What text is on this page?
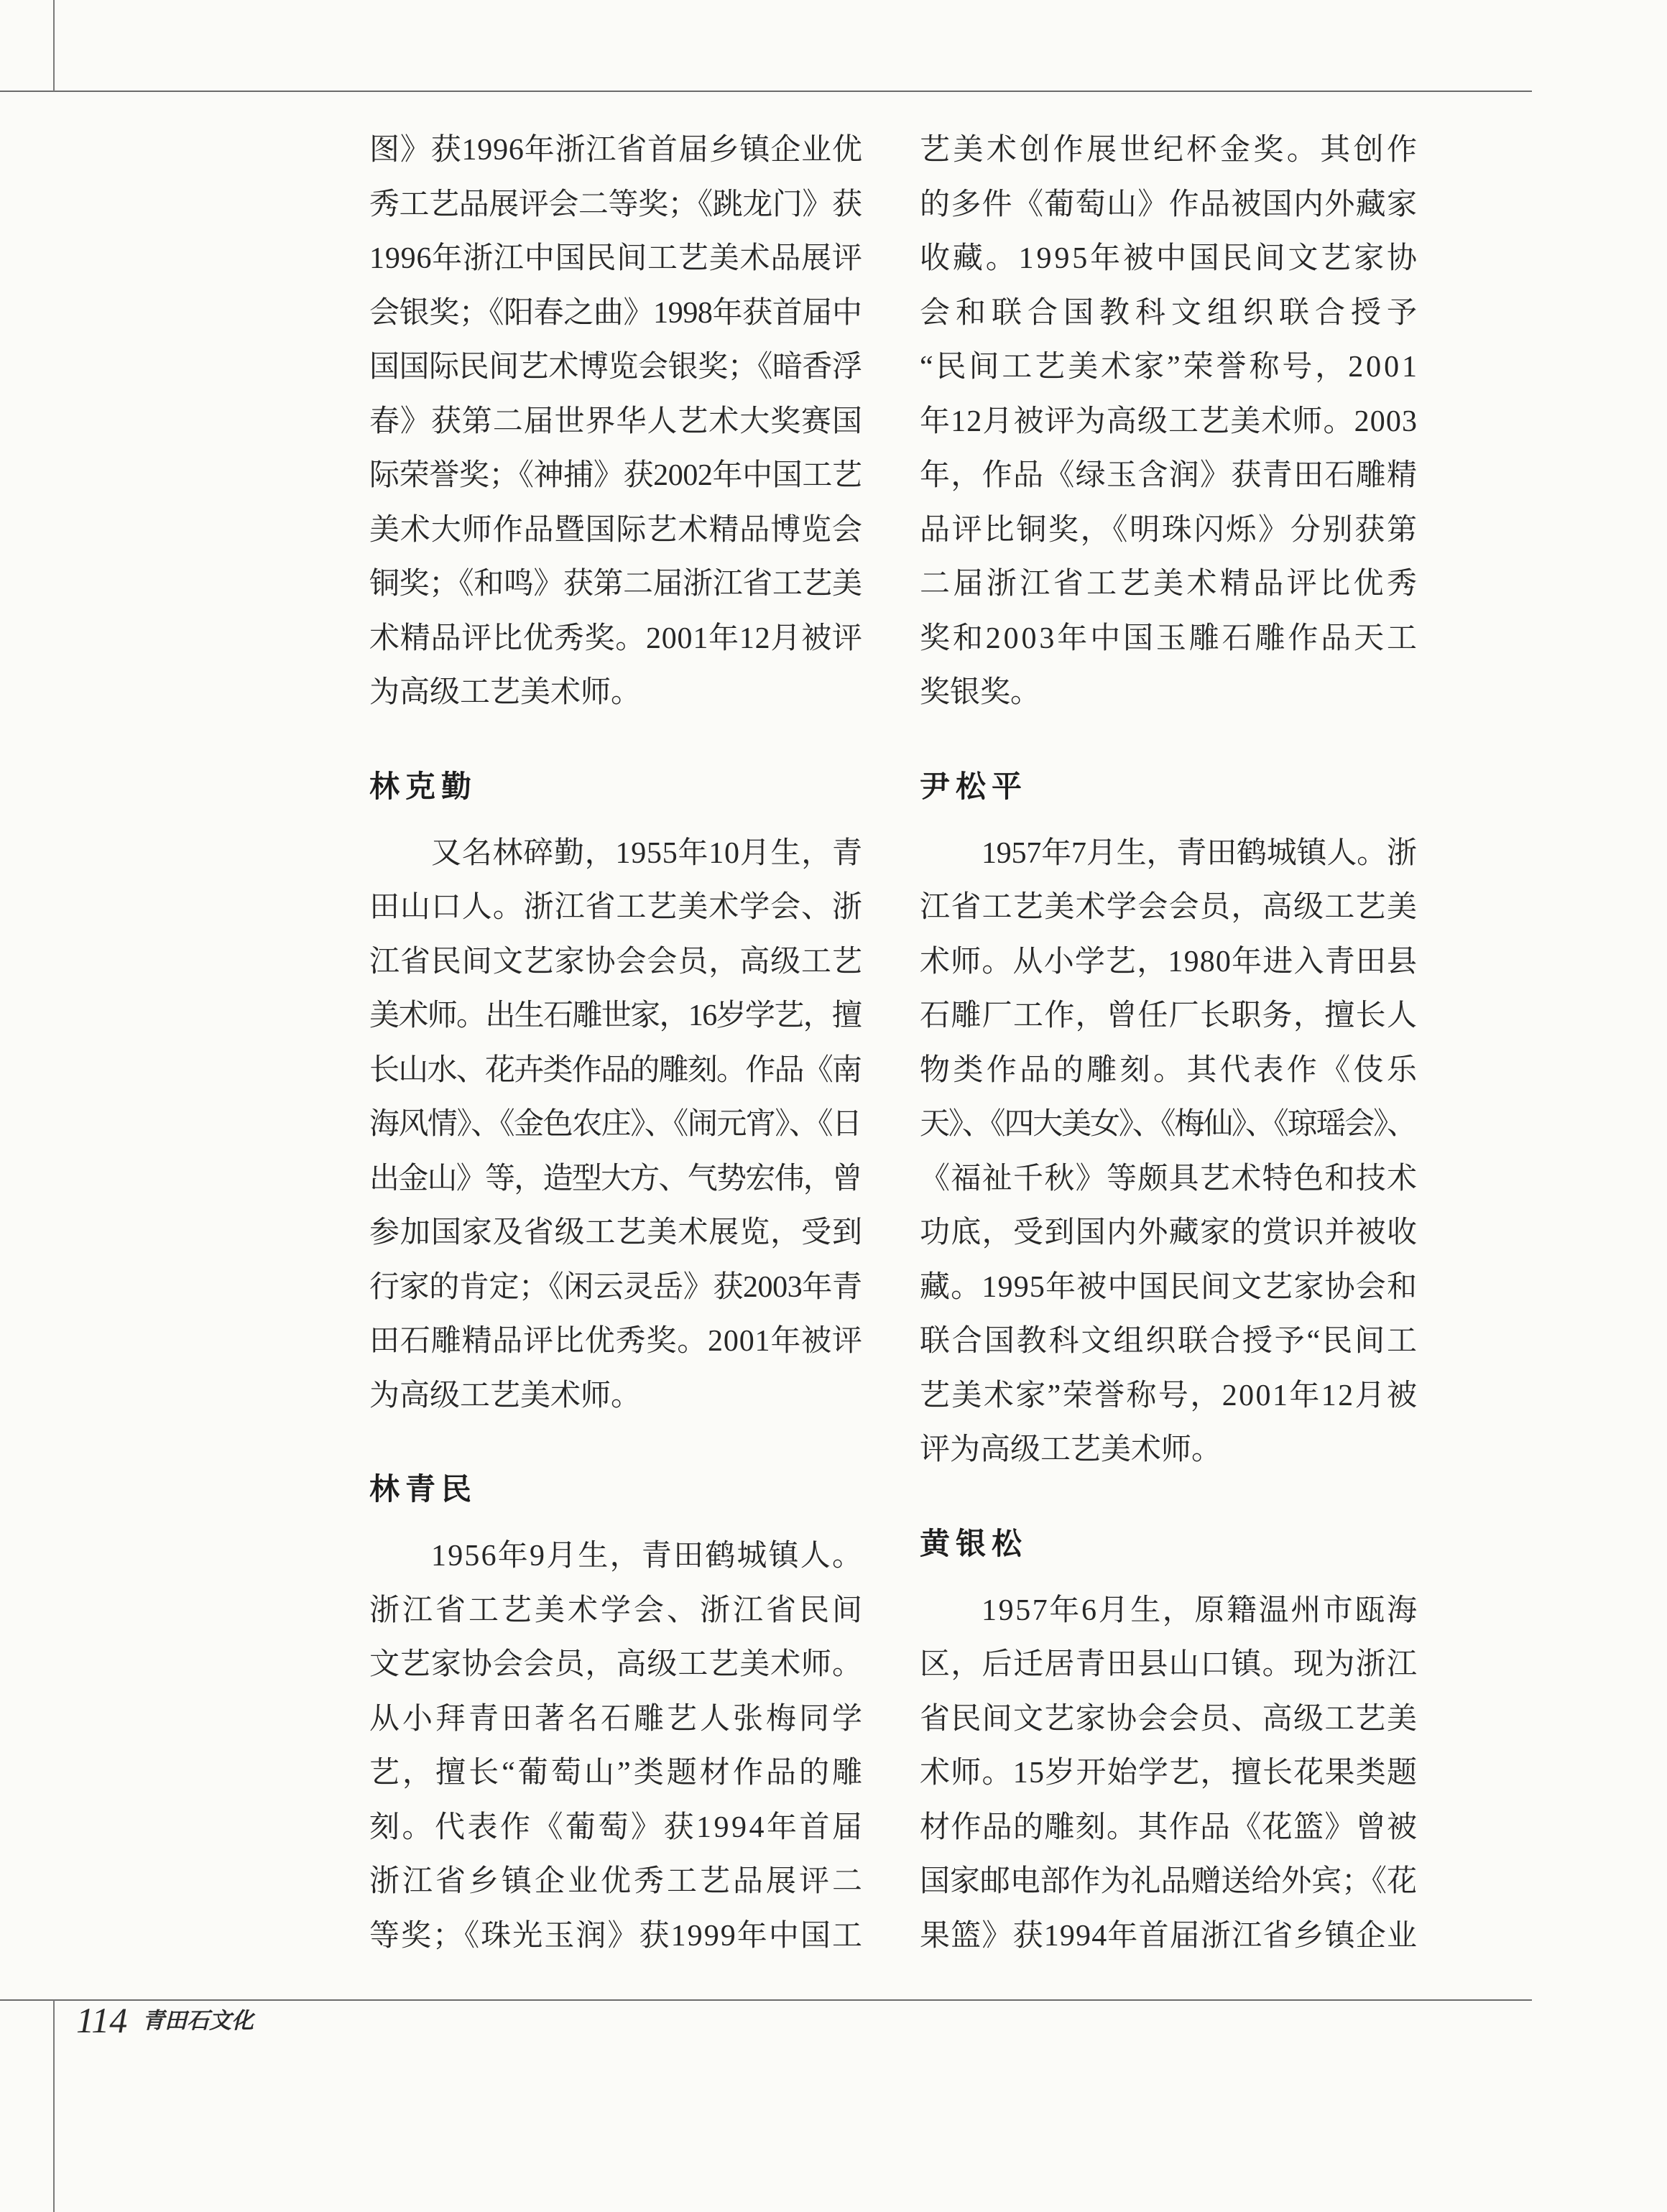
图》获1996年浙江省首届乡镇企业优
秀工艺品展评会二等奖；《跳龙门》获
1996年浙江中国民间工艺美术品展评
会银奖；《阳春之曲》1998年获首届中
国国际民间艺术博览会银奖；《暗香浮
春》获第二届世界华人艺术大奖赛国
际荣誉奖；《神捕》获2002年中国工艺
美术大师作品暨国际艺术精品博览会
铜奖；《和鸣》获第二届浙江省工艺美
术精品评比优秀奖。2001年12月被评
为高级工艺美术师。
林克勤
又名林碎勤，1955年10月生，青
田山口人。浙江省工艺美术学会、浙
江省民间文艺家协会会员，高级工艺
美术师。出生石雕世家，16岁学艺，擅
长山水、花卉类作品的雕刻。作品《南
海风情》、《金色农庄》、《闹元宵》、《日
出金山》等，造型大方、气势宏伟，曾
参加国家及省级工艺美术展览，受到
行家的肯定；《闲云灵岳》获2003年青
田石雕精品评比优秀奖。2001年被评
为高级工艺美术师。
林青民
1956年9月生，青田鹤城镇人。
浙江省工艺美术学会、浙江省民间
文艺家协会会员，高级工艺美术师。
从小拜青田著名石雕艺人张梅同学
艺，擅长“葡萄山”类题材作品的雕
刻。代表作《葡萄》获1994年首届
浙江省乡镇企业优秀工艺品展评二
等奖；《珠光玉润》获1999年中国工
艺美术创作展世纪杯金奖。其创作
的多件《葡萄山》作品被国内外藏家
收藏。1995年被中国民间文艺家协
会和联合国教科文组织联合授予
“民间工艺美术家”荣誉称号，2001
年12月被评为高级工艺美术师。2003
年，作品《绿玉含润》获青田石雕精
品评比铜奖，《明珠闪烁》分别获第
二届浙江省工艺美术精品评比优秀
奖和2003年中国玉雕石雕作品天工
奖银奖。
尹松平
1957年7月生，青田鹤城镇人。浙
江省工艺美术学会会员，高级工艺美
术师。从小学艺，1980年进入青田县
石雕厂工作，曾任厂长职务，擅长人
物类作品的雕刻。其代表作《伎乐
天》、《四大美女》、《梅仙》、《琼瑶会》、
《福祉千秋》等颇具艺术特色和技术
功底，受到国内外藏家的赏识并被收
藏。1995年被中国民间文艺家协会和
联合国教科文组织联合授予“民间工
艺美术家”荣誉称号，2001年12月被
评为高级工艺美术师。
黄银松
1957年6月生，原籍温州市瓯海
区，后迁居青田县山口镇。现为浙江
省民间文艺家协会会员、高级工艺美
术师。15岁开始学艺，擅长花果类题
材作品的雕刻。其作品《花篮》曾被
国家邮电部作为礼品赠送给外宾；《花
果篮》获1994年首届浙江省乡镇企业
114 青田石文化
